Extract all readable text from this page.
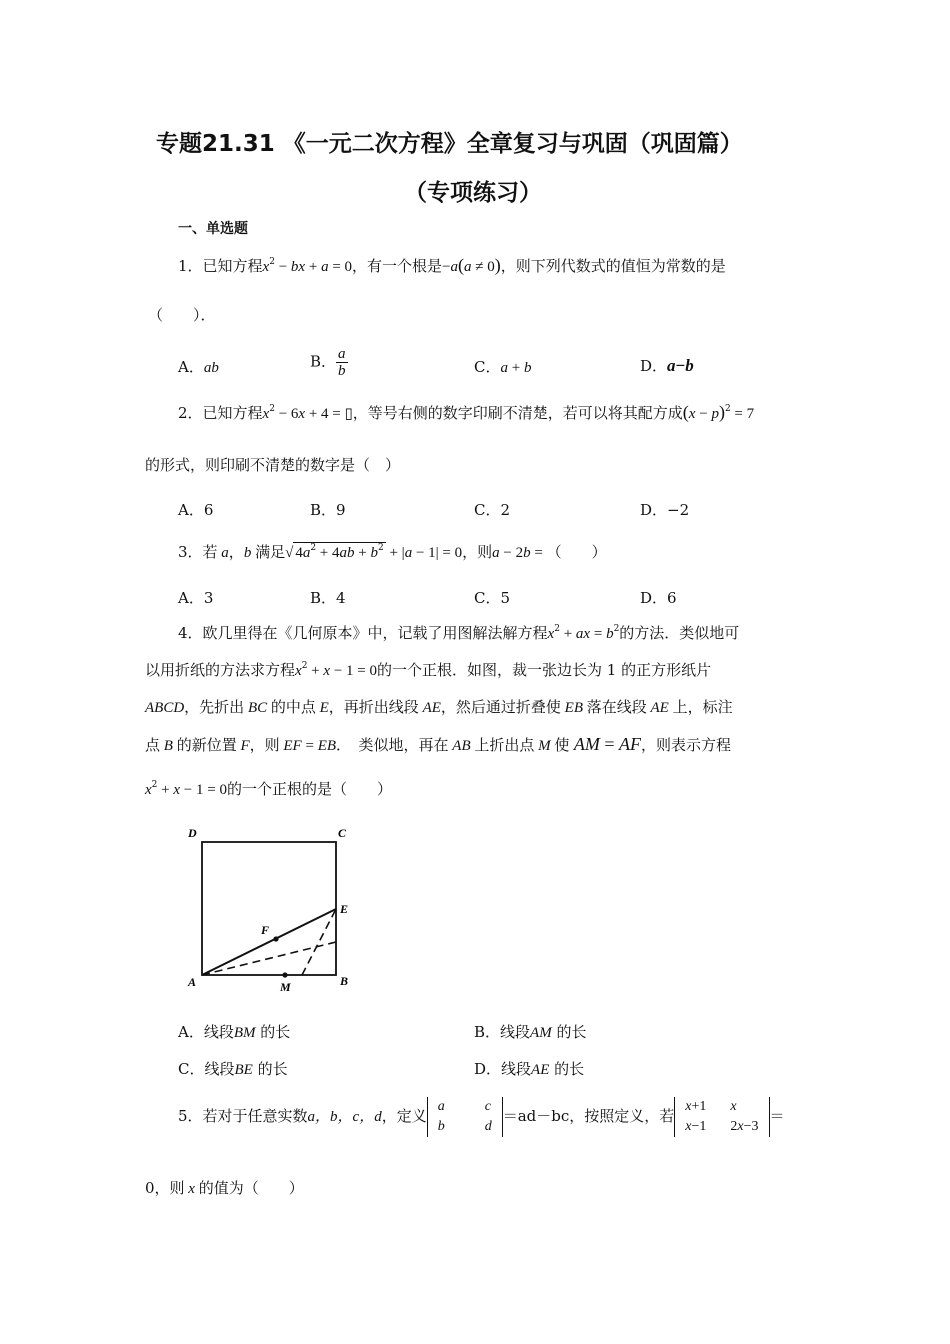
专题21.31 《一元二次方程》全章复习与巩固（巩固篇）
（专项练习）
一、单选题
1．已知方程$x^2$ − bx + a = 0，有一个根是−a(a ≠ 0)，则下列代数式的值恒为常数的是
（　　）．
A．ab	B． $\frac{a}{b}$	C．a + b	D．a−b
2．已知方程$x^2 - 6x + 4$ = ▯，等号右侧的数字印刷不清楚，若可以将其配方成$(x - p)^2 = 7$
的形式，则印刷不清楚的数字是（　）
A．6	B．9	C．2	D．−2
3．若 a，b 满足√ $4a^2 + 4ab + b^2 + |a - 1| = 0$，则a − 2b = （　　）
A．3	B．4	C．5	D．6
4．欧几里得在《几何原本》中，记载了用图解法解方程$x^2$ + ax = $b^2$的方法．类似地可
以用折纸的方法求方程$x^2 + x - 1 = 0$的一个正根．如图，裁一张边长为 1 的正方形纸片
ABCD，先折出 BC 的中点 E，再折出线段 AE，然后通过折叠使 EB 落在线段 AE 上，标注
点 B 的新位置 F，则 EF = EB．　类似地，再在 AB 上折出点 M 使 AM = AF，则表示方程
$x^2 + x - 1 = 0$的一个正根的是（　　）
D	C
E
F
A	M	B
A．线段BM 的长	B．线段AM 的长
C．线段BE 的长	D．线段AE 的长
5．若对于任意实数a，b，c，d，定义
a	c
b	d
＝ad－bc，按照定义，若
x+1	x
x−1	2x−3
＝
0，则 x 的值为（　　）
